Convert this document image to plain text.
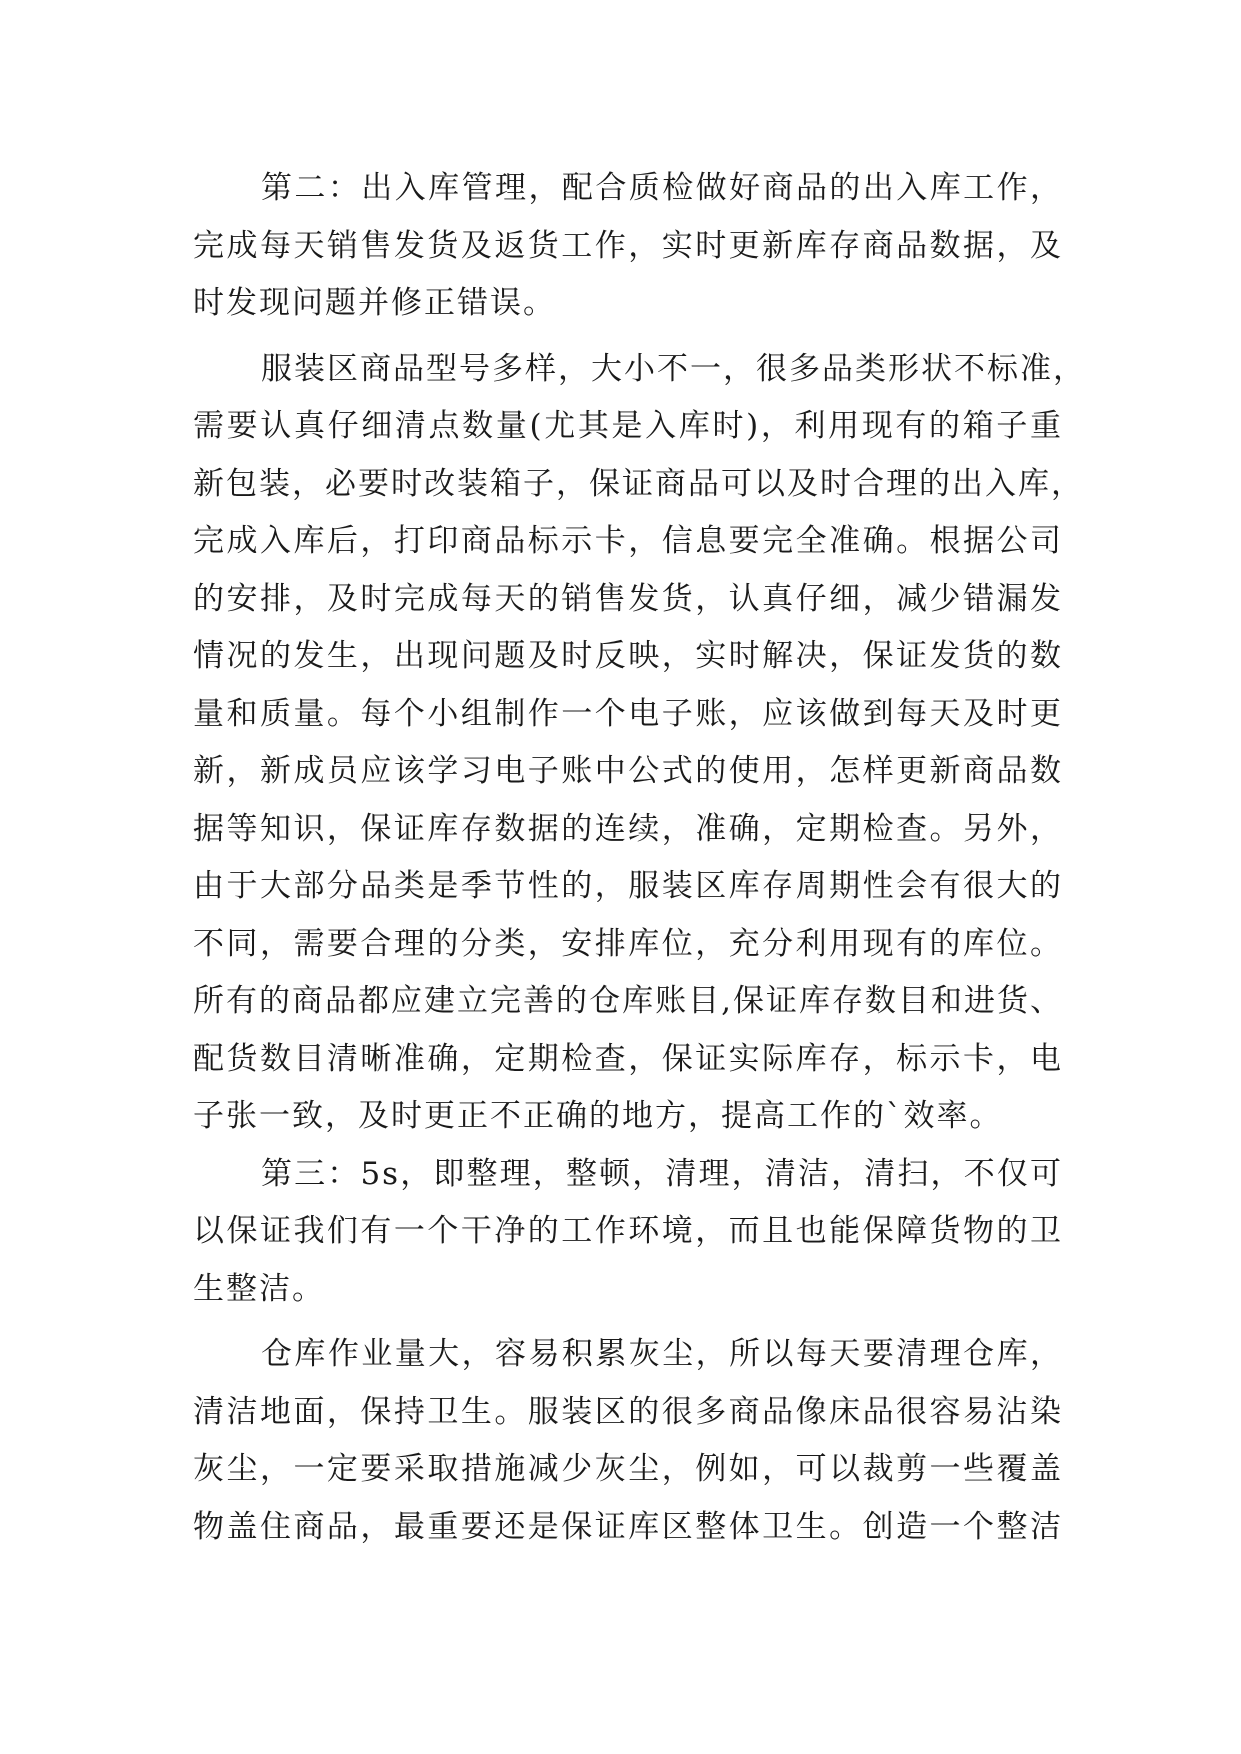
第二：出入库管理，配合质检做好商品的出入库工作，
完成每天销售发货及返货工作，实时更新库存商品数据，及
时发现问题并修正错误。
服装区商品型号多样，大小不一，很多品类形状不标准，
需要认真仔细清点数量(尤其是入库时)，利用现有的箱子重
新包装，必要时改装箱子，保证商品可以及时合理的出入库，
完成入库后，打印商品标示卡，信息要完全准确。根据公司
的安排，及时完成每天的销售发货，认真仔细，减少错漏发
情况的发生，出现问题及时反映，实时解决，保证发货的数
量和质量。每个小组制作一个电子账，应该做到每天及时更
新，新成员应该学习电子账中公式的使用，怎样更新商品数
据等知识，保证库存数据的连续，准确，定期检查。另外，
由于大部分品类是季节性的，服装区库存周期性会有很大的
不同，需要合理的分类，安排库位，充分利用现有的库位。
所有的商品都应建立完善的仓库账目,保证库存数目和进货、
配货数目清晰准确，定期检查，保证实际库存，标示卡，电
子张一致，及时更正不正确的地方，提高工作的`效率。
第三：5s，即整理，整顿，清理，清洁，清扫，不仅可
以保证我们有一个干净的工作环境，而且也能保障货物的卫
生整洁。
仓库作业量大，容易积累灰尘，所以每天要清理仓库，
清洁地面，保持卫生。服装区的很多商品像床品很容易沾染
灰尘，一定要采取措施减少灰尘，例如，可以裁剪一些覆盖
物盖住商品，最重要还是保证库区整体卫生。创造一个整洁
